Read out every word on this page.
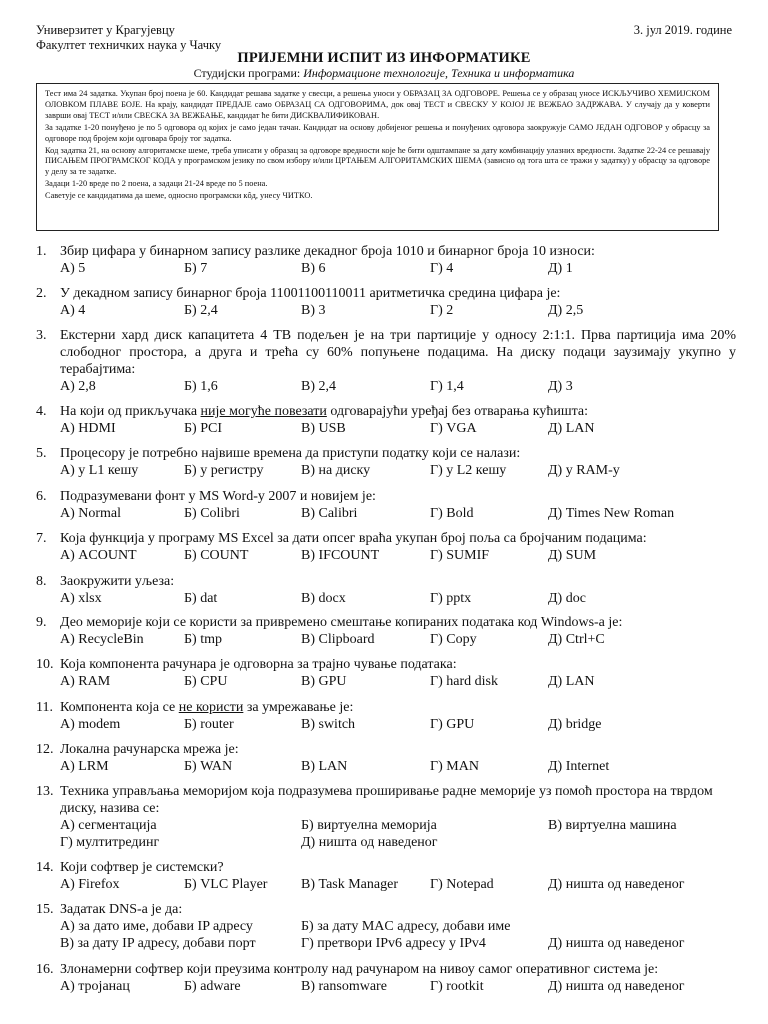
Универзитет у Крагујевцу
Факултет техничких наука у Чачку
3. јул 2019. године
ПРИЈЕМНИ ИСПИТ ИЗ ИНФОРМАТИКЕ
Студијски програми: Информационе технологије, Техника и информатика

Тест има 24 задатка. Укупан број поена је 60. Кандидат решава задатке у свесци, а решења уноси у ОБРАЗАЦ ЗА ОДГОВОРЕ. Решења се у образац уносе ИСКЉУЧИВО ХЕМИЈСКОМ ОЛОВКОМ ПЛАВЕ БОЈЕ. На крају, кандидат ПРЕДАЈЕ само ОБРАЗАЦ СА ОДГОВОРИМА, док овај ТЕСТ и СВЕСКУ У КОЈОЈ ЈЕ ВЕЖБАО ЗАДРЖАВА. У случају да у коверти заврши овај ТЕСТ и/или СВЕСКА ЗА ВЕЖБАЊЕ, кандидат ће бити ДИСКВАЛИФИКОВАН.

За задатке 1-20 понуђено је по 5 одговора од којих је само један тачан. Кандидат на основу добијеног решења и понуђених одговора заокружује САМО ЈЕДАН ОДГОВОР у обрасцу за одговоре под бројем који одговара броју тог задатка.

Код задатка 21, на основу алгоритамске шеме, треба уписати у образац за одговоре вредности које ће бити одштампане за дату комбинацију улазних вредности. Задатке 22-24 се решавају ПИСАЊЕМ ПРОГРАМСКОГ КОДА у програмском језику по свом избору и/или ЦРТАЊЕМ АЛГОРИТАМСКИХ ШЕМА (зависно од тога шта се тражи у задатку) у обрасцу за одговоре у делу за те задатке.

Задаци 1-20 вреде по 2 поена, а задаци 21-24 вреде по 5 поена.

Саветује се кандидатима да шеме, односно програмски кôд, унесу ЧИТКО.

1. Збир цифара у бинарном запису разлике декадног броја 1010 и бинарног броја 10 износи:
А) 5	Б) 7	В) 6	Г) 4	Д) 1
2. У декадном запису бинарног броја 11001100110011 аритметичка средина цифара је:
А) 4	Б) 2,4	В) 3	Г) 2	Д) 2,5
3. Екстерни хард диск капацитета 4 TB подељен је на три партиције у односу 2:1:1. Прва партиција има 20% слободног простора, а друга и трећа су 60% попуњене подацима. На диску подаци заузимају укупно у терабајтима:
А) 2,8	Б) 1,6	В) 2,4	Г) 1,4	Д) 3
4. На који од прикључака није могуће повезати одговарајући уређај без отварања кућишта:
А) HDMI	Б) PCI	В) USB	Г) VGA	Д) LAN
5. Процесору је потребно највише времена да приступи податку који се налази:
А) у L1 кешу	Б) у регистру	В) на диску	Г) у L2 кешу	Д) у RAM-у
6. Подразумевани фонт у MS Word-у 2007 и новијем је:
А) Normal	Б) Colibri	В) Calibri	Г) Bold	Д) Times New Roman
7. Која функција у програму MS Excel за дати опсег враћа укупан број поља са бројчаним подацима:
А) ACOUNT	Б) COUNT	В) IFCOUNT	Г) SUMIF	Д) SUM
8. Заокружити уљеза:
А) xlsx	Б) dat	В) docx	Г) pptx	Д) doc
9. Део меморије који се користи за привремено смештање копираних података код Windows-а је:
А) RecycleBin	Б) tmp	В) Clipboard	Г) Copy	Д) Ctrl+C
10. Која компонента рачунара је одговорна за трајно чување података:
А) RAM	Б) CPU	В) GPU	Г) hard disk	Д) LAN
11. Компонента која се не користи за умрежавање је:
А) modem	Б) router	В) switch	Г) GPU	Д) bridge
12. Локална рачунарска мрежа је:
А) LRM	Б) WAN	В) LAN	Г) MAN	Д) Internet
13. Техника управљања меморијом која подразумева проширивање радне меморије уз помоћ простора на тврдом диску, назива се:
А) сегментација	Б) виртуелна меморија	В) виртуелна машина
Г) мултитрединг	Д) ништа од наведеног
14. Који софтвер је системски?
А) Firefox	Б) VLC Player В) Task Manager Г) Notepad	Д) ништа од наведеног
15. Задатак DNS-а је да:
А) за дато име, добави IP адресу	Б) за дату MAC адресу, добави име
В) за дату IP адресу, добави порт	Г) претвори IPv6 адресу у IPv4	Д) ништа од наведеног
16. Злонамерни софтвер који преузима контролу над рачунаром на нивоу самог оперативног система је:
А) тројанац	Б) adware	В) ransomware	Г) rootkit	Д) ништа од наведеног
